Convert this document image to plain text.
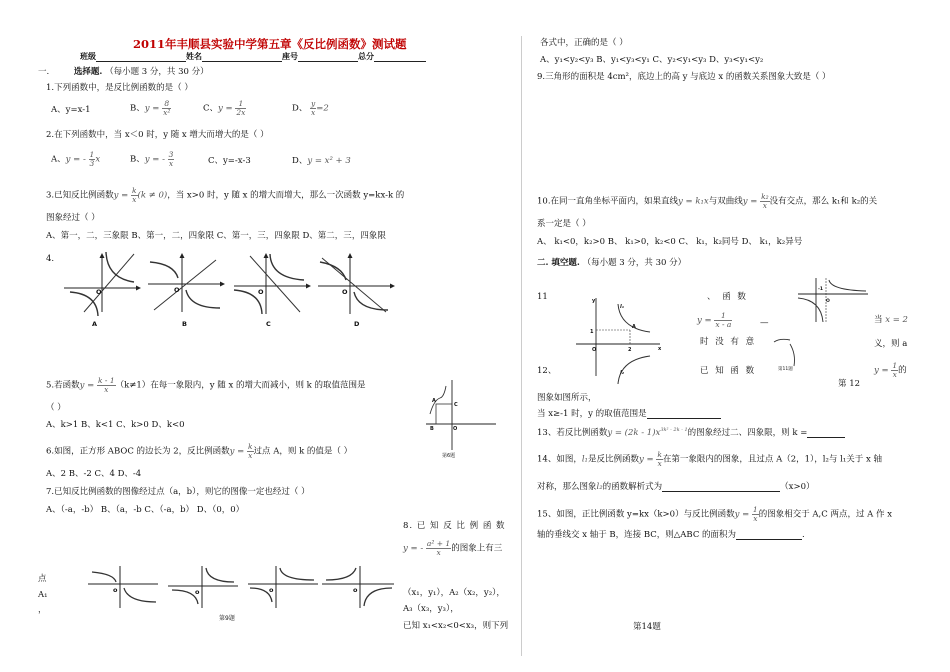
2011年丰顺县实验中学第五章《反比例函数》测试题
班级	姓名	座号	总分
一.	选择题. （每小题 3 分，共 30 分）
1.下列函数中，是反比例函数的是（ ）
A、y=x-1	B、$y = \frac{8}{\text{x²}}$	C、$y = \frac{1}{2x}$	D、 $\frac{y}{x} =2$
2.在下列函数中，当 x＜0 时，y 随 x 增大而增大的是（ ）
A、y = - $\frac{1}{3}$ x	B、y = - $\frac{3}{x}$	C、y=-x-3	D、y = x² + 3
3.已知反比例函数$y = \frac{k}{x} (k \ne 0)$，当 x>0 时，y 随 x 的增大而增大，那么一次函数 y=kx-k 的
图象经过（ ）
A、第一，二，三象限 B、第一，二，四象限 C、第一，三，四象限 D、第二，三，四象限
4.
O
A
O
B
O
C
O
D
5.若函数$y = \frac{k - 1}{x} (k\ne 1)$在每一象限内，y 随 x 的增大而减小，则 k 的取值范围是
（ ）
A、k>1 B、k<1 C、k>0 D、k<0
A
C
B	O
第6题
6.如图，正方形 ABOC 的边长为 2，反比例函数$y = \frac{k}{x}$ 过点 A，则 k 的值是（ ）
A、2 B、-2 C、4 D、-4
7.已知反比例函数的图像经过点（a，b），则它的图像一定也经过（ ）
A、（-a，-b） B、（a，-b C、（-a，b） D、（0，0）
8. 已 知 反 比 例 函 数
y = - $\frac{\text{a² + 1}}{x}$ 的图象上有三
点
A₁
，
（x₁，y₁），A₂（x₂，y₂），
A₃（x₃，y₃），
已知 x₁<x₂<0<x₃，则下列
o	o	o	o
第9题
各式中，正确的是（ ）
A、y₁<y₂<y₃ B、y₁<y₃<y₁ C、y₂<y₁<y₃ D、y₃<y₁<y₂
9.三角形的面积是 4cm²，底边上的高 y 与底边 x 的函数关系图象大致是（ ）
10.在同一直角坐标平面内，如果直线y = k₁x与双曲线$y = \frac{\text{k₂}}{x}$ 没有交点，那么 k₁和 k₂的关
系一定是（ ）
A、 k₁<0，k₂>0 B、 k₁>0，k₂<0 C、 k₁，k₂同号 D、 k₁，k₂异号
二. 填空题. （每小题 3 分，共 30 分）
11	y
x
O
1
2
A
l₁
l₂
、 函 数
$y = \frac{1}{x - a}$	—
时 没 有 意
当 x = 2
义，则 a
-1
O
第11题
12、	已 知 函 数
第 12
$y = \frac{1}{x}$ 的
图象如图所示，
当 x≥-1 时，y 的取值范围是
13、若反比例函数$y = (2k - 1)x^{3k^2 - 2k - 1}$的图象经过二、四象限，则 k =
14、如图，l₁是反比例函数$y = \frac{k}{x}$ 在第一象限内的图象，且过点 A（2，1），l₂与 l₁关于 x 轴
对称，那么图象l₂的函数解析式为	（x>0）
15、如图，正比例函数 y=kx（k>0）与反比例函数$y = \frac{1}{x}$ 的图象相交于 A,C 两点，过 A 作 x
轴的垂线交 x 轴于 B，连接 BC，则△ABC 的面积为	.
第14题
